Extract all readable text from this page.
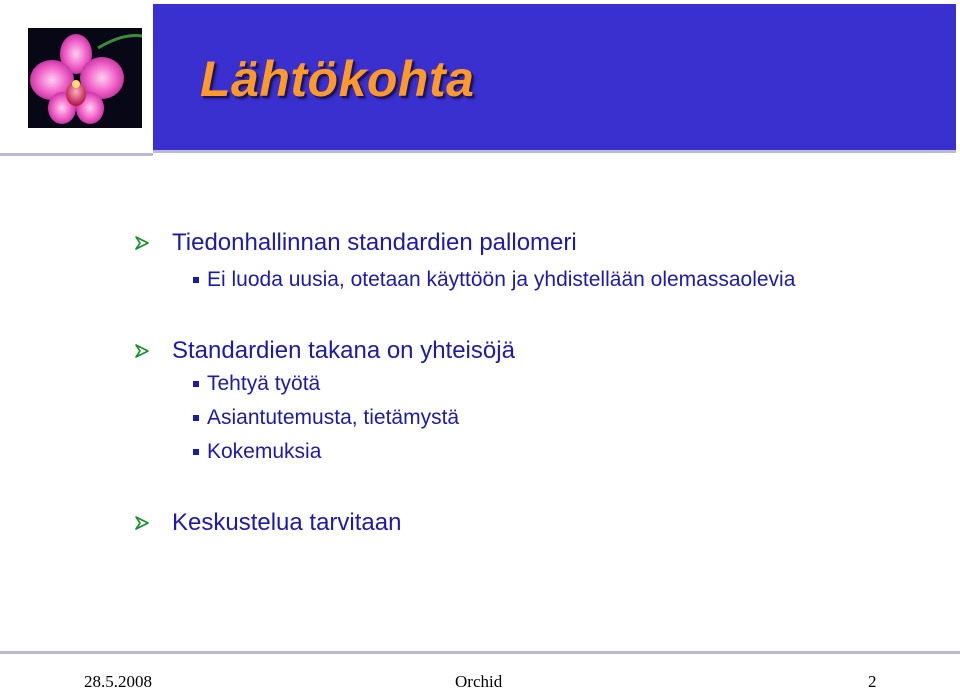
Lähtökohta
Tiedonhallinnan standardien pallomeri
Ei luoda uusia, otetaan käyttöön ja yhdistellään olemassaolevia
Standardien takana on yhteisöjä
Tehtyä työtä
Asiantutemusta, tietämystä
Kokemuksia
Keskustelua tarvitaan
28.5.2008	Orchid	2
